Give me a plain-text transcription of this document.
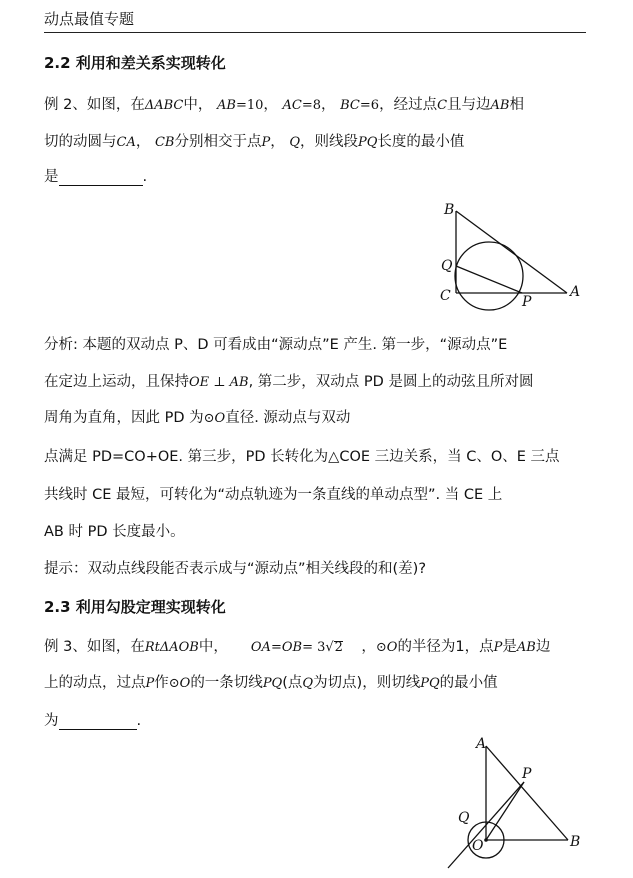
动点最值专题
2.2 利用和差关系实现转化
例 2、如图，在ΔABC中， AB=10， AC=8， BC=6，经过点C且与边AB相
切的动圆与CA， CB分别相交于点P， Q，则线段PQ长度的最小值
是	.
B
Q
C	P
A
分析: 本题的双动点 P、D 可看成由“源动点”E 产生. 第一步，“源动点”E
在定边上运动，且保持OE ⊥ AB, 第二步，双动点 PD 是圆上的动弦且所对圆
周角为直角，因此 PD 为⊙O直径. 源动点与双动
点满足 PD=CO+OE. 第三步，PD 长转化为△COE 三边关系，当 C、O、E 三点
共线时 CE 最短，可转化为“动点轨迹为一条直线的单动点型”. 当 CE 上
AB 时 PD 长度最小。
提示：双动点线段能否表示成与“源动点”相关线段的和(差)?
2.3 利用勾股定理实现转化
例 3、如图，在RtΔAOB中， OA=OB= 3√2 ，⊙O的半径为1，点P是AB边
上的动点，过点P作⊙O的一条切线PQ(点Q为切点)，则切线PQ的最小值
为	.
A
P
Q
O	B
